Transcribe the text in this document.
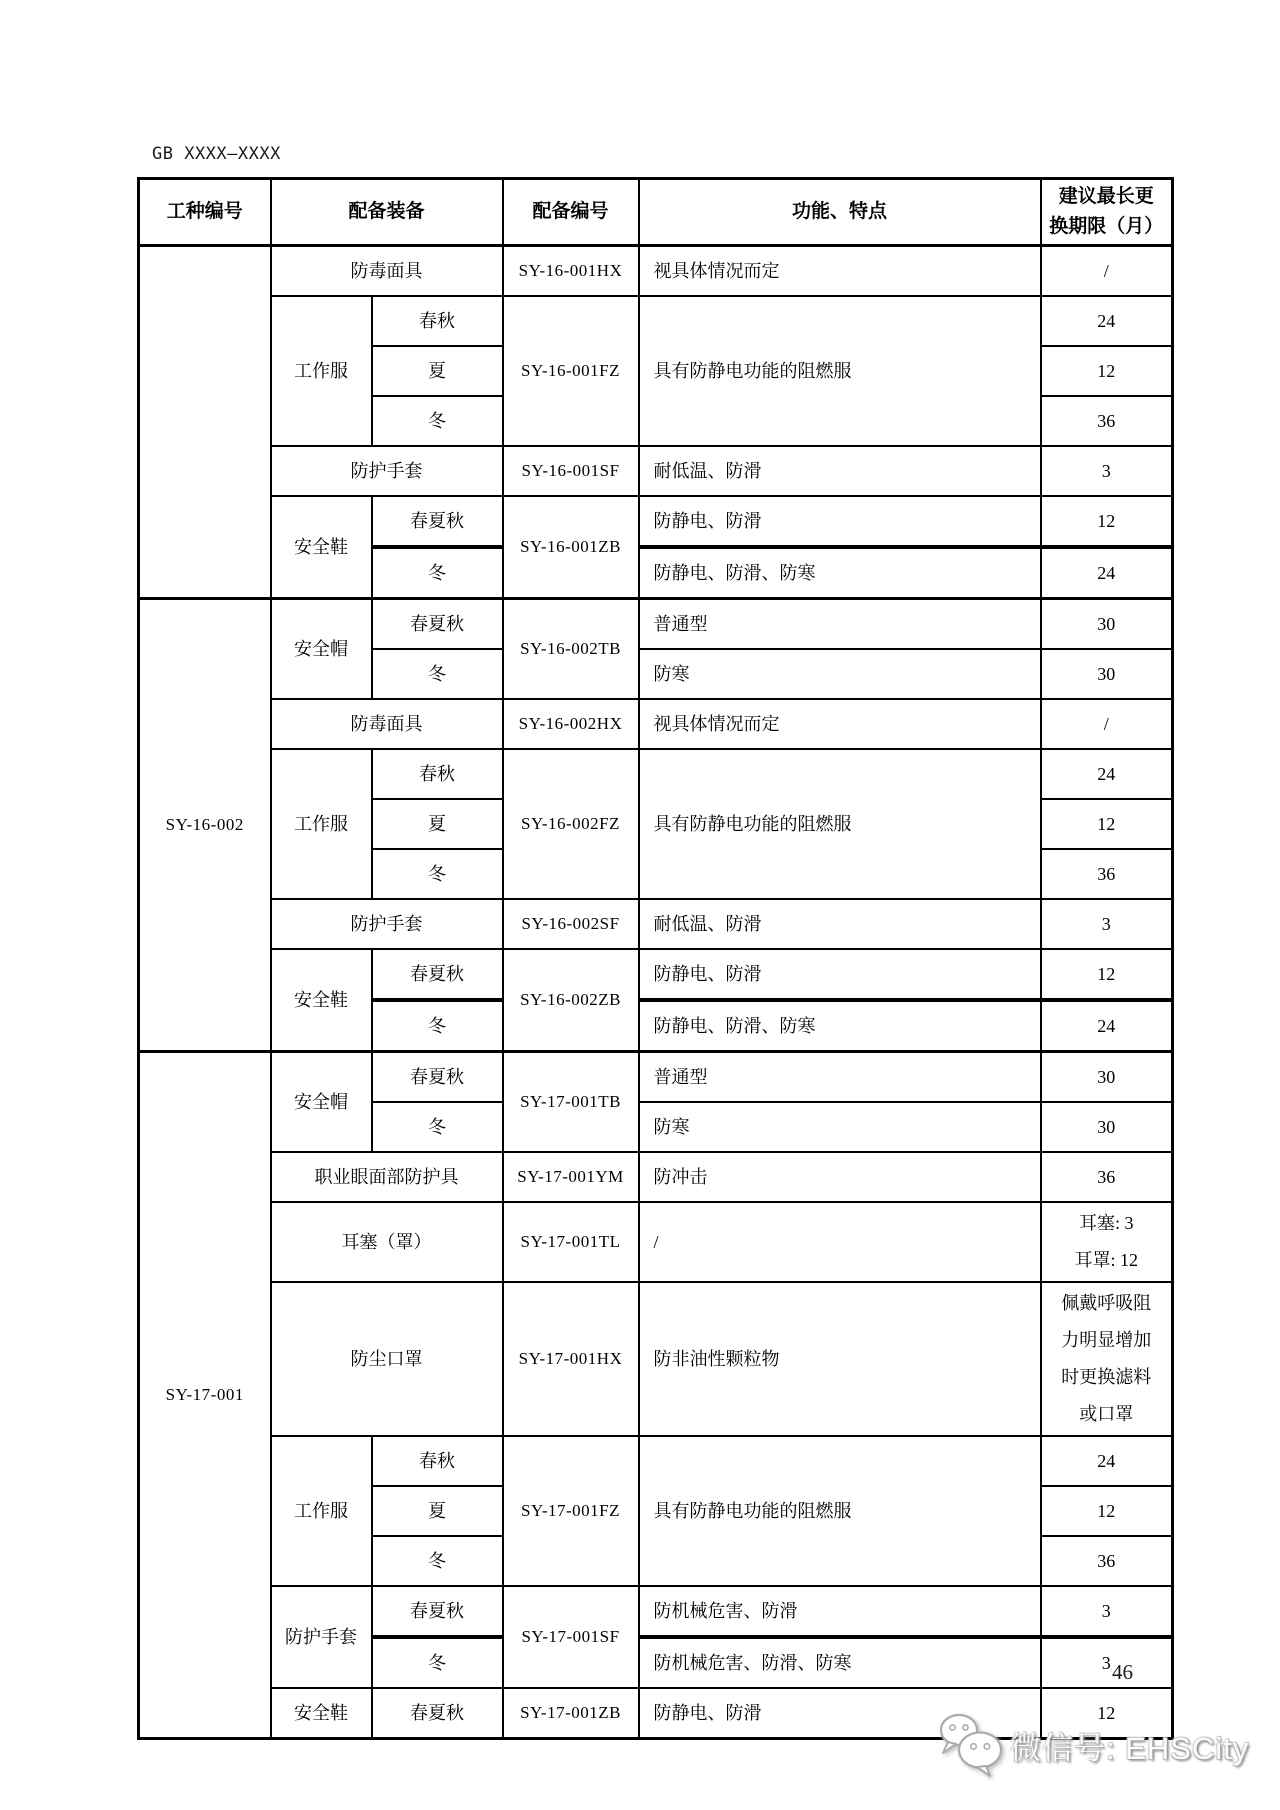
GB XXXX—XXXX
工种编号	配备装备		配备编号	功能、特点	建议最长更
换期限（月）

	防毒面具		SY-16-001HX	视具体情况而定	/
	工作服	春秋	SY-16-001FZ	具有防静电功能的阻燃服	24
		夏			12
		冬			36
	防护手套		SY-16-001SF	耐低温、防滑	3
	安全鞋	春夏秋	SY-16-001ZB	防静电、防滑	12
		冬		防静电、防滑、防寒	24
SY-16-002	安全帽	春夏秋	SY-16-002TB	普通型	30
		冬		防寒	30
	防毒面具		SY-16-002HX	视具体情况而定	/
	工作服	春秋	SY-16-002FZ	具有防静电功能的阻燃服	24
		夏			12
		冬			36
	防护手套		SY-16-002SF	耐低温、防滑	3
	安全鞋	春夏秋	SY-16-002ZB	防静电、防滑	12
		冬		防静电、防滑、防寒	24
SY-17-001	安全帽	春夏秋	SY-17-001TB	普通型	30
		冬		防寒	30
	职业眼面部防护具		SY-17-001YM	防冲击	36
	耳塞（罩）		SY-17-001TL	/	耳塞: 3
耳罩: 12

	防尘口罩		SY-17-001HX	防非油性颗粒物	佩戴呼吸阻
力明显增加
时更换滤料
或口罩

	工作服	春秋	SY-17-001FZ	具有防静电功能的阻燃服	24
		夏			12
		冬			36
	防护手套	春夏秋	SY-17-001SF	防机械危害、防滑	3
		冬		防机械危害、防滑、防寒	3
	安全鞋	春夏秋	SY-17-001ZB	防静电、防滑	12
46
微信号: EHSCity
